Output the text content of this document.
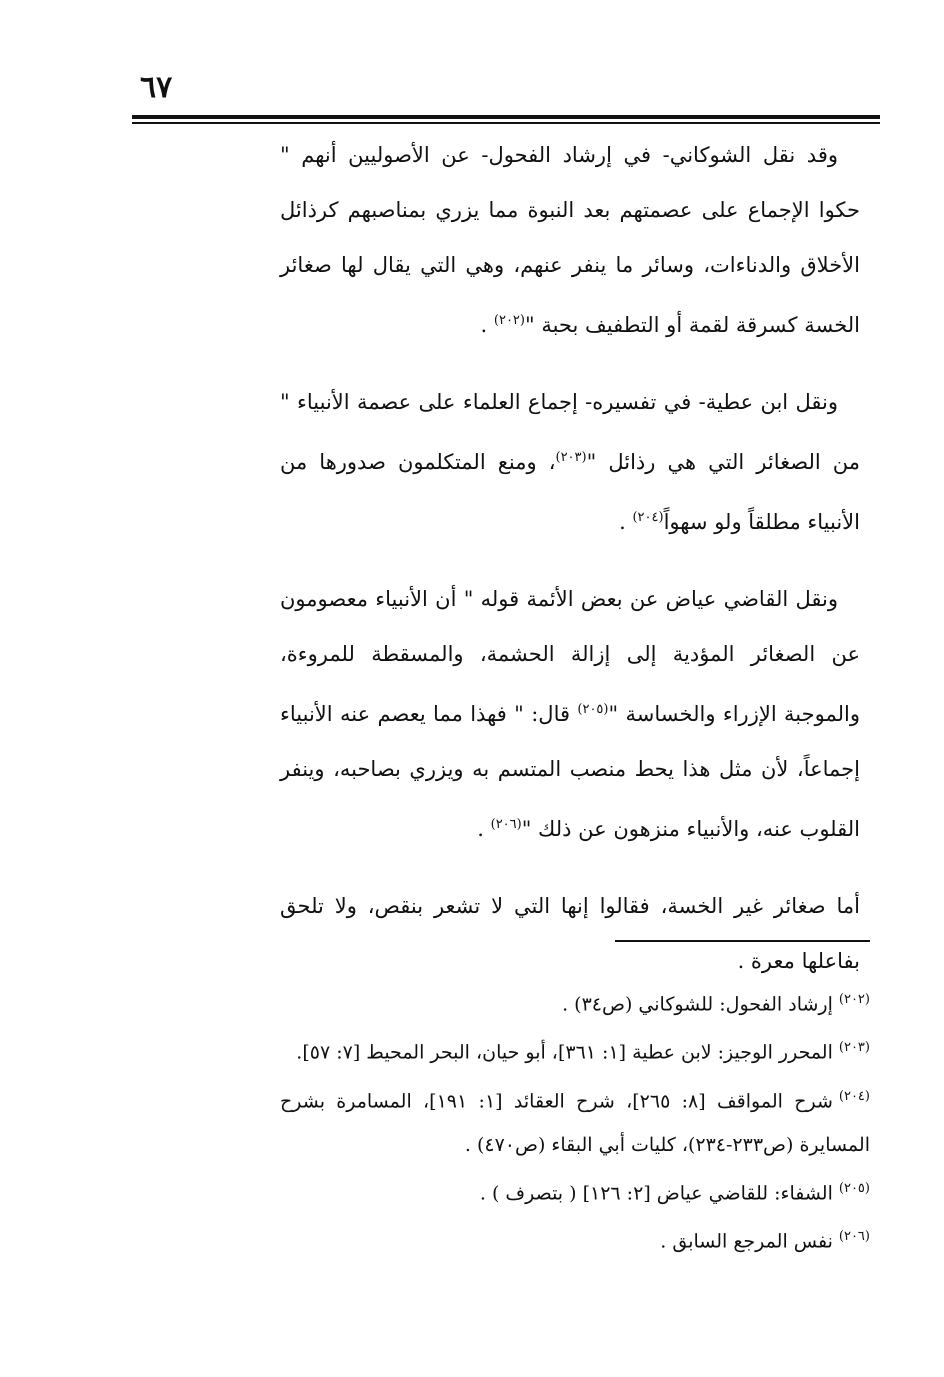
٦٧

وقد نقل الشوكاني- في إرشاد الفحول- عن الأصوليين أنهم " حكوا الإجماع على عصمتهم بعد النبوة مما يزري بمناصبهم كرذائل الأخلاق والدناءات، وسائر ما ينفر عنهم، وهي التي يقال لها صغائر الخسة كسرقة لقمة أو التطفيف بحبة "$^{(٢٠٢)}$ .

ونقل ابن عطية- في تفسيره- إجماع العلماء على عصمة الأنبياء " من الصغائر التي هي رذائل "$^{(٢٠٣)}$، ومنع المتكلمون صدورها من الأنبياء مطلقاً ولو سهواً$^{(٢٠٤)}$ .

ونقل القاضي عياض عن بعض الأئمة قوله " أن الأنبياء معصومون عن الصغائر المؤدية إلى إزالة الحشمة، والمسقطة للمروءة، والموجبة الإزراء والخساسة "$^{(٢٠٥)}$ قال: " فهذا مما يعصم عنه الأنبياء إجماعاً، لأن مثل هذا يحط منصب المتسم به ويزري بصاحبه، وينفر القلوب عنه، والأنبياء منزهون عن ذلك "$^{(٢٠٦)}$ .

أما صغائر غير الخسة، فقالوا إنها التي لا تشعر بنقص، ولا تلحق بفاعلها معرة .

$^{(٢٠٢)}$إرشاد الفحول: للشوكاني (ص٣٤) .

$^{(٢٠٣)}$المحرر الوجيز: لابن عطية [١: ٣٦١]، أبو حيان، البحر المحيط [٧: ٥٧].

$^{(٢٠٤)}$شرح المواقف [٨: ٢٦٥]، شرح العقائد [١: ١٩١]، المسامرة بشرح المسايرة (ص٢٣٣-٢٣٤)، كليات أبي البقاء (ص٤٧٠) .

$^{(٢٠٥)}$الشفاء: للقاضي عياض [٢: ١٢٦] ( بتصرف ) .

$^{(٢٠٦)}$نفس المرجع السابق .
